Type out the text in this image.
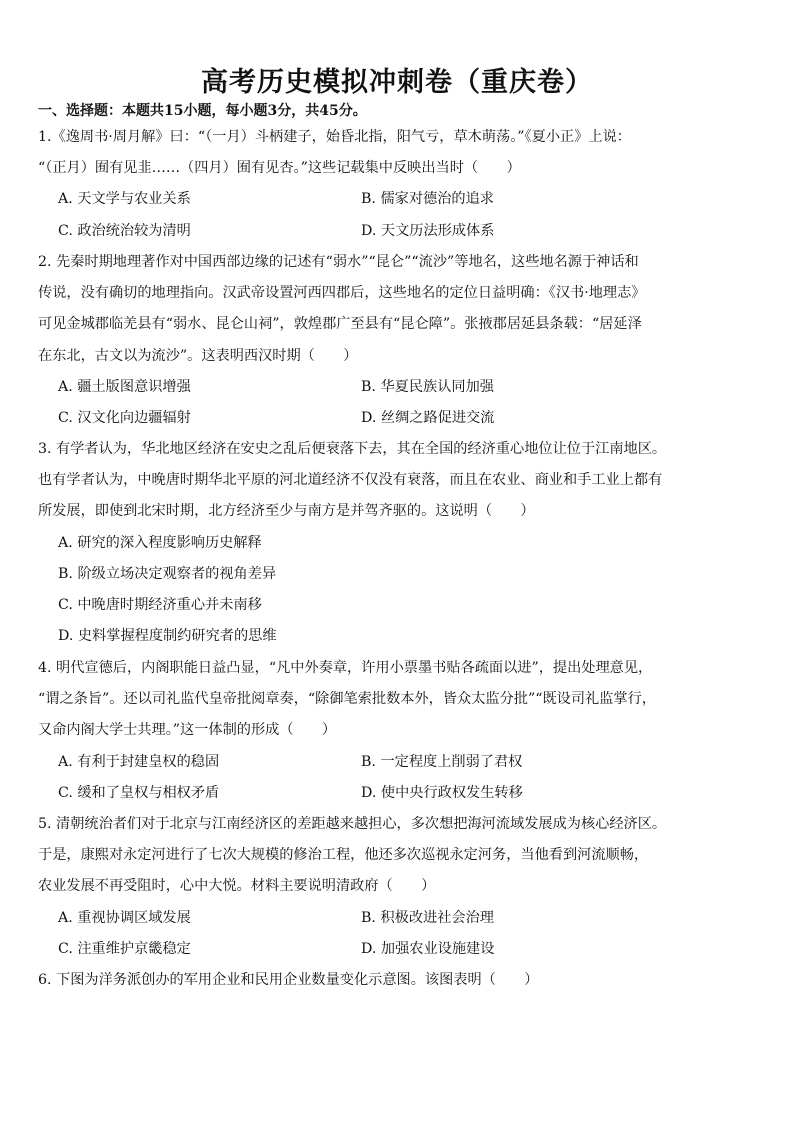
高考历史模拟冲刺卷（重庆卷）
一、选择题：本题共15小题，每小题3分，共45分。

1.《逸周书·周月解》曰：“（一月）斗柄建子，始昏北指，阳气亏，草木萌荡。”《夏小正》上说：

“（正月）囿有见韭……（四月）囿有见杏。”这些记载集中反映出当时（　　）

A. 天文学与农业关系	B. 儒家对德治的追求
C. 政治统治较为清明	D. 天文历法形成体系

2. 先秦时期地理著作对中国西部边缘的记述有“弱水”“昆仑”“流沙”等地名，这些地名源于神话和

传说，没有确切的地理指向。汉武帝设置河西四郡后，这些地名的定位日益明确：《汉书·地理志》

可见金城郡临羌县有“弱水、昆仑山祠”，敦煌郡广至县有“昆仑障”。张掖郡居延县条载：“居延泽

在东北，古文以为流沙”。这表明西汉时期（　　）

A. 疆土版图意识增强	B. 华夏民族认同加强
C. 汉文化向边疆辐射	D. 丝绸之路促进交流

3. 有学者认为，华北地区经济在安史之乱后便衰落下去，其在全国的经济重心地位让位于江南地区。

也有学者认为，中晚唐时期华北平原的河北道经济不仅没有衰落，而且在农业、商业和手工业上都有

所发展，即使到北宋时期，北方经济至少与南方是并驾齐驱的。这说明（　　）

A. 研究的深入程度影响历史解释
B. 阶级立场决定观察者的视角差异
C. 中晚唐时期经济重心并未南移
D. 史料掌握程度制约研究者的思维

4. 明代宣德后，内阁职能日益凸显，“凡中外奏章，许用小票墨书贴各疏面以进”，提出处理意见，

“谓之条旨”。还以司礼监代皇帝批阅章奏，“除御笔索批数本外，皆众太监分批”“既设司礼监掌行，

又命内阁大学士共理。”这一体制的形成（　　）

A. 有利于封建皇权的稳固	B. 一定程度上削弱了君权
C. 缓和了皇权与相权矛盾	D. 使中央行政权发生转移

5. 清朝统治者们对于北京与江南经济区的差距越来越担心，多次想把海河流域发展成为核心经济区。

于是，康熙对永定河进行了七次大规模的修治工程，他还多次巡视永定河务，当他看到河流顺畅，

农业发展不再受阻时，心中大悦。材料主要说明清政府（　　）

A. 重视协调区域发展	B. 积极改进社会治理
C. 注重维护京畿稳定	D. 加强农业设施建设

6. 下图为洋务派创办的军用企业和民用企业数量变化示意图。该图表明（　　）
